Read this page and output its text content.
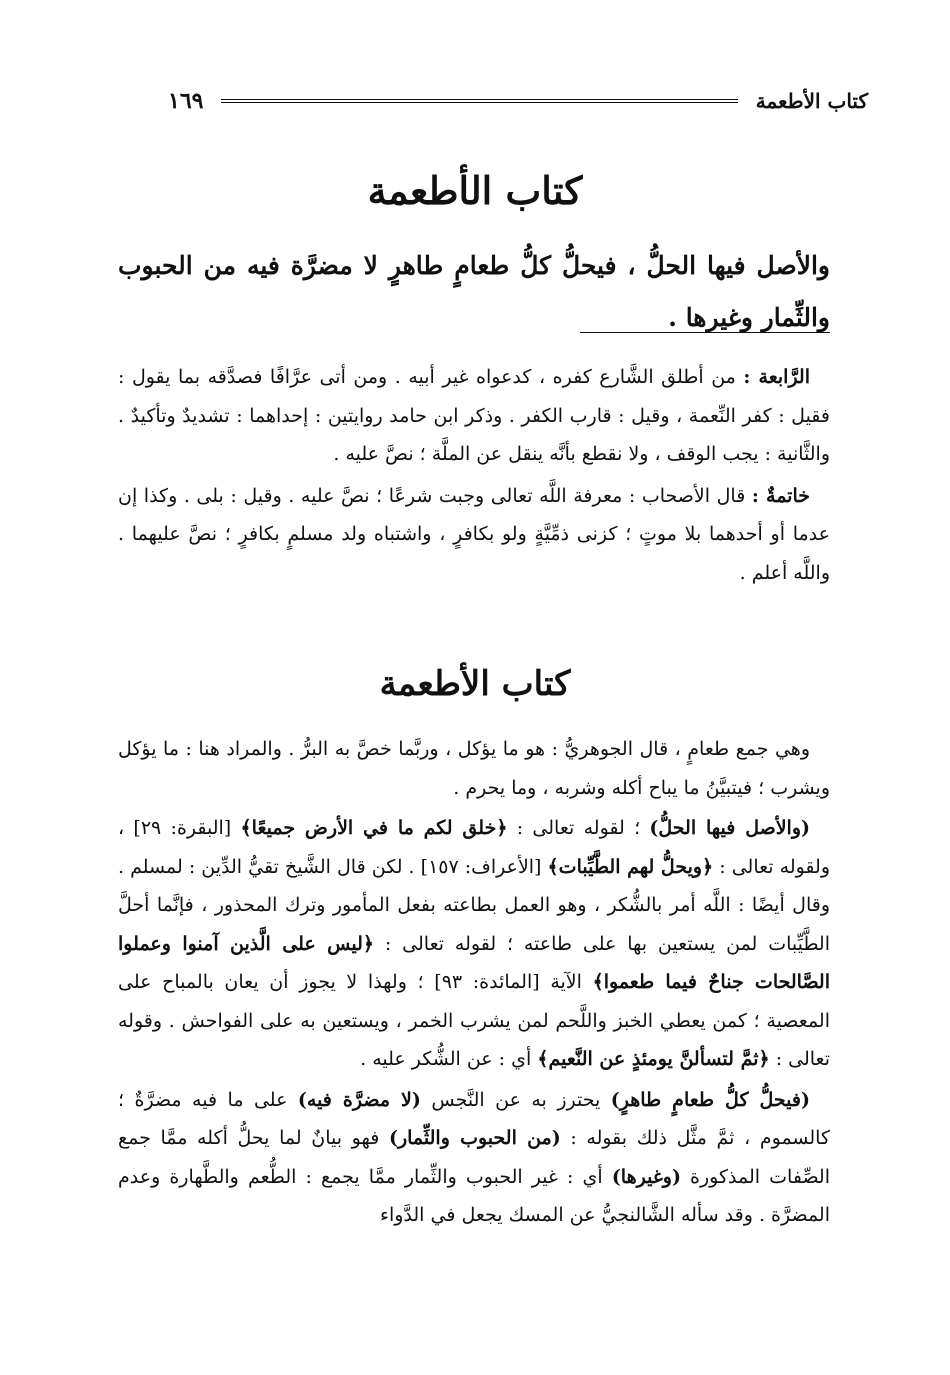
كتاب الأطعمة
١٦٩
كتاب الأطعمة
والأصل فيها الحلُّ ، فيحلُّ كلُّ طعامٍ طاهرٍ لا مضرَّة فيه من الحبوب والثِّمار وغيرها .

الرَّابعة : من أطلق الشَّارع كفره ، كدعواه غير أبيه . ومن أتى عرَّافًا فصدَّقه بما يقول : فقيل : كفر النِّعمة ، وقيل : قارب الكفر . وذكر ابن حامد روايتين : إحداهما : تشديدٌ وتأكيدٌ . والثَّانية : يجب الوقف ، ولا نقطع بأنَّه ينقل عن الملَّة ؛ نصَّ عليه .

خاتمةٌ : قال الأصحاب : معرفة اللَّه تعالى وجبت شرعًا ؛ نصَّ عليه . وقيل : بلى . وكذا إن عدما أو أحدهما بلا موتٍ ؛ كزنى ذمِّيَّةٍ ولو بكافرٍ ، واشتباه ولد مسلمٍ بكافرٍ ؛ نصَّ عليهما . واللَّه أعلم .

كتاب الأطعمة

وهي جمع طعامٍ ، قال الجوهريُّ : هو ما يؤكل ، وربَّما خصَّ به البرُّ . والمراد هنا : ما يؤكل ويشرب ؛ فيتبيَّنُ ما يباح أكله وشربه ، وما يحرم .

(والأصل فيها الحلُّ) ؛ لقوله تعالى : ﴿خلق لكم ما في الأرض جميعًا﴾ [البقرة: ٢٩] ، ولقوله تعالى : ﴿ويحلُّ لهم الطَّيِّبات﴾ [الأعراف: ١٥٧] . لكن قال الشَّيخ تقيُّ الدِّين : لمسلم . وقال أيضًا : اللَّه أمر بالشُّكر ، وهو العمل بطاعته بفعل المأمور وترك المحذور ، فإنَّما أحلَّ الطَّيِّبات لمن يستعين بها على طاعته ؛ لقوله تعالى : ﴿ليس على الَّذين آمنوا وعملوا الصَّالحات جناحٌ فيما طعموا﴾ الآية [المائدة: ٩٣] ؛ ولهذا لا يجوز أن يعان بالمباح على المعصية ؛ كمن يعطي الخبز واللَّحم لمن يشرب الخمر ، ويستعين به على الفواحش . وقوله تعالى : ﴿ثمَّ لتسألنَّ يومئذٍ عن النَّعيم﴾ أي : عن الشُّكر عليه .

(فيحلُّ كلُّ طعامٍ طاهرٍ) يحترز به عن النَّجس (لا مضرَّة فيه) على ما فيه مضرَّةٌ ؛ كالسموم ، ثمَّ مثَّل ذلك بقوله : (من الحبوب والثِّمار) فهو بيانٌ لما يحلُّ أكله ممَّا جمع الصِّفات المذكورة (وغيرها) أي : غير الحبوب والثِّمار ممَّا يجمع : الطُّعم والطَّهارة وعدم المضرَّة . وقد سأله الشَّالنجيُّ عن المسك يجعل في الدَّواء
